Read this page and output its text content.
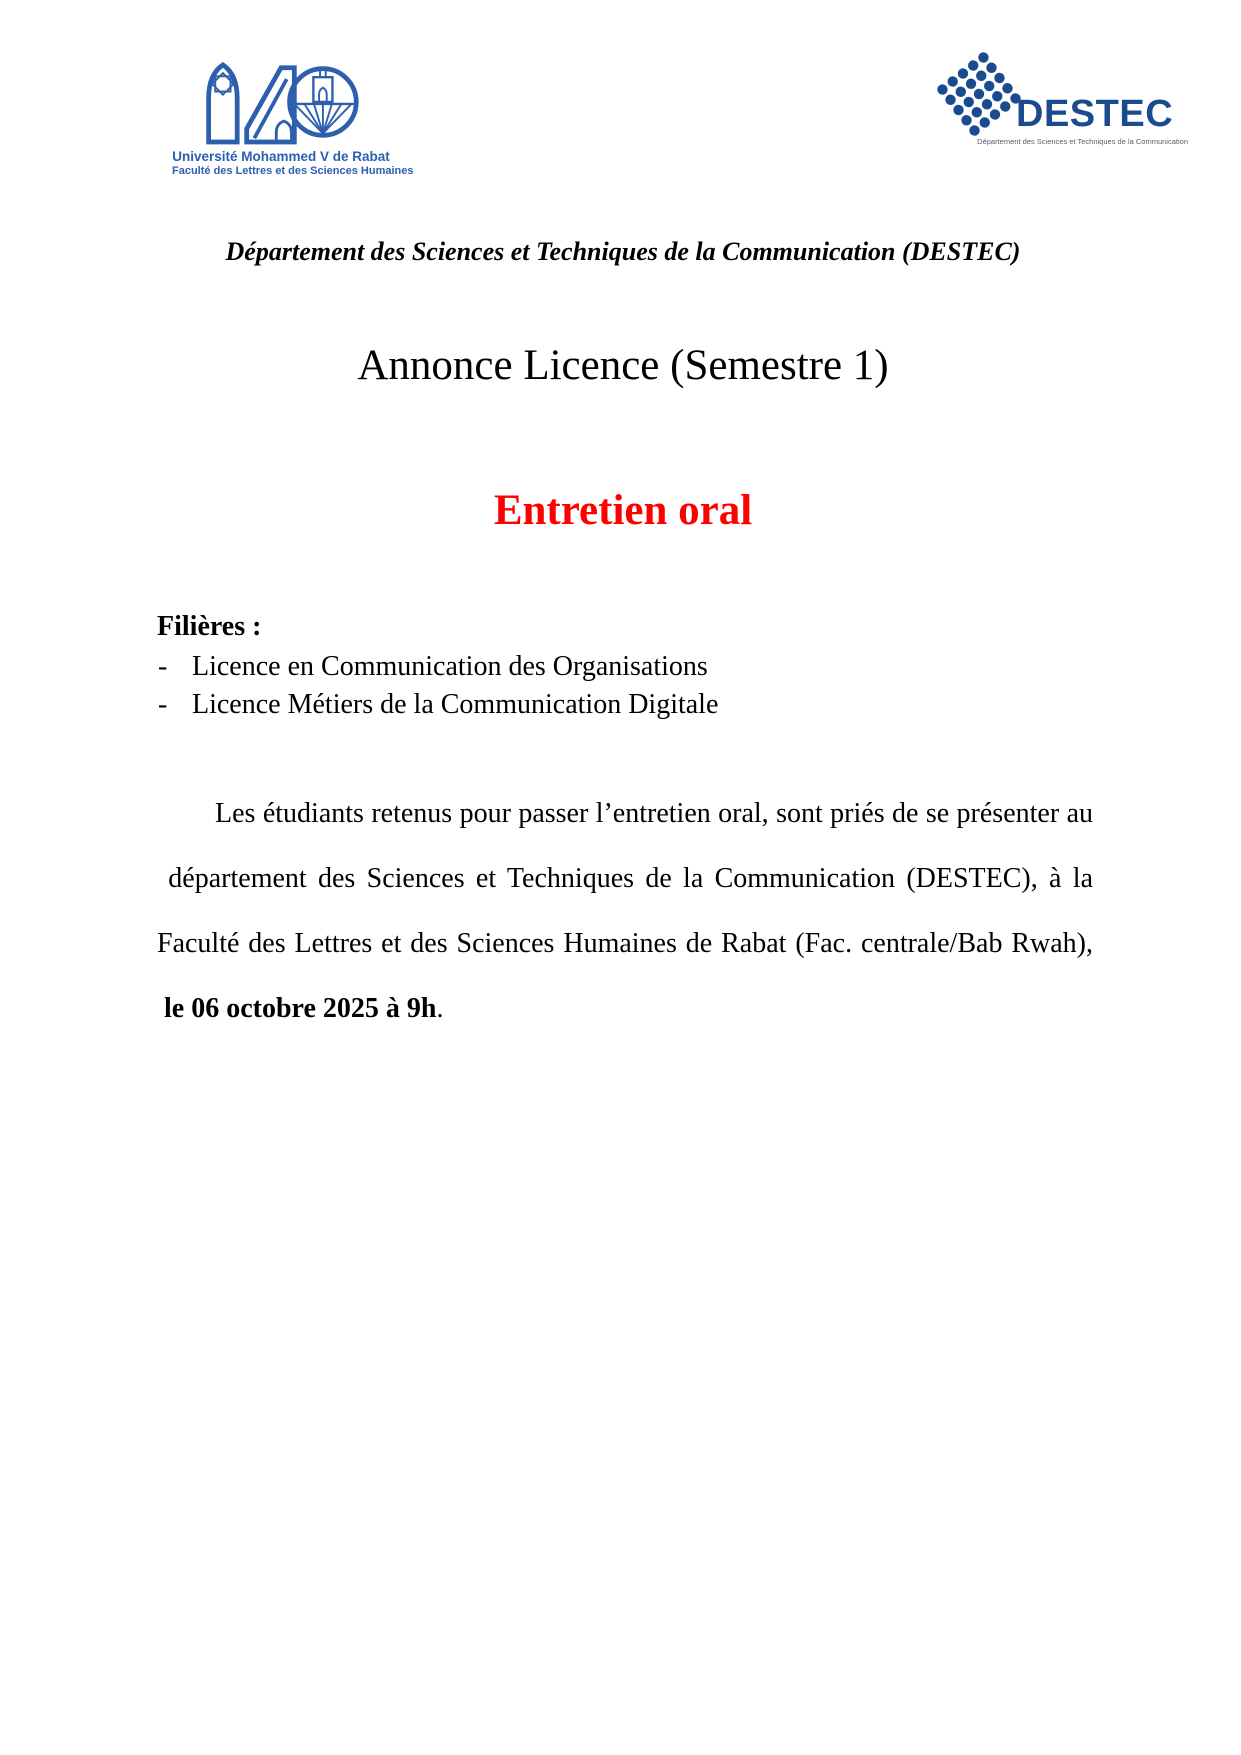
Université Mohammed V de Rabat
Faculté des Lettres et des Sciences Humaines
DESTEC
Département des Sciences et Techniques de la Communication
Département des Sciences et Techniques de la Communication (DESTEC)
Annonce Licence (Semestre 1)
Entretien oral
Filières :
- Licence en Communication des Organisations
- Licence Métiers de la Communication Digitale
Les étudiants retenus pour passer l’entretien oral, sont priés de se présenter au  département des Sciences et Techniques de la Communication (DESTEC), à la Faculté des Lettres et des Sciences Humaines de Rabat (Fac. centrale/Bab Rwah),  le 06 octobre 2025 à 9h.
